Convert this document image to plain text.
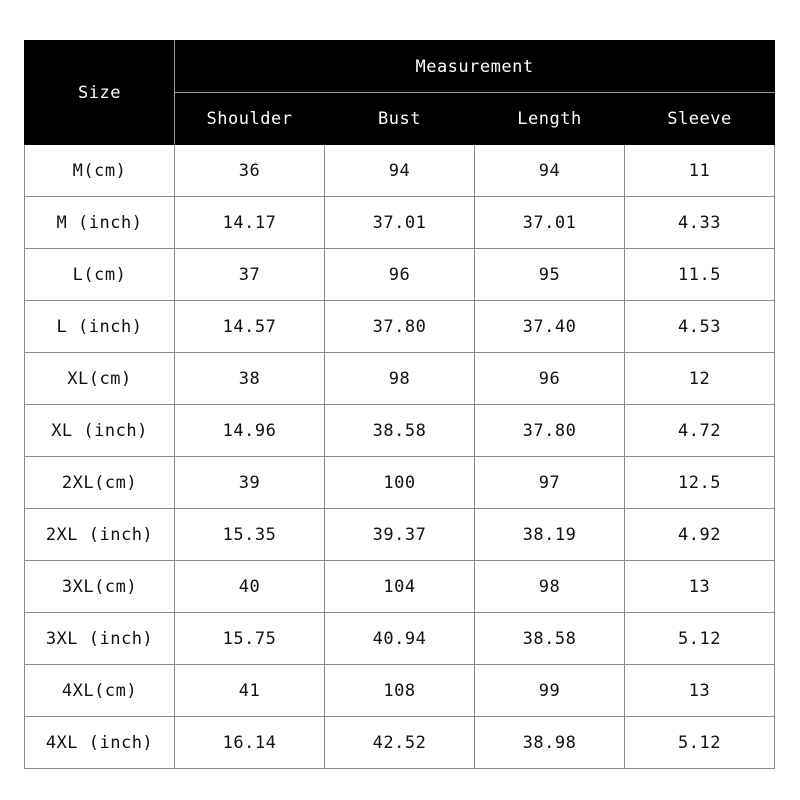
Size	Measurement			
	Shoulder	Bust	Length	Sleeve
M(cm)	36	94	94	11
M (inch)	14.17	37.01	37.01	4.33
L(cm)	37	96	95	11.5
L (inch)	14.57	37.80	37.40	4.53
XL(cm)	38	98	96	12
XL (inch)	14.96	38.58	37.80	4.72
2XL(cm)	39	100	97	12.5
2XL (inch)	15.35	39.37	38.19	4.92
3XL(cm)	40	104	98	13
3XL (inch)	15.75	40.94	38.58	5.12
4XL(cm)	41	108	99	13
4XL (inch)	16.14	42.52	38.98	5.12
